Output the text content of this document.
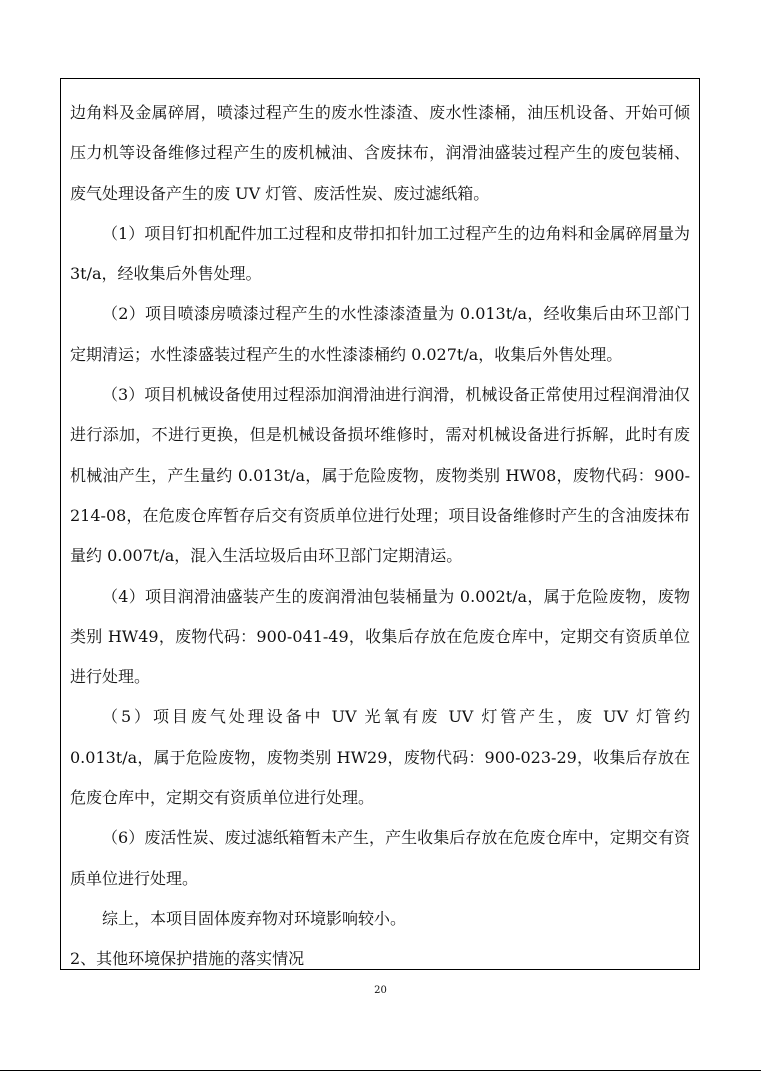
边角料及金属碎屑，喷漆过程产生的废水性漆渣、废水性漆桶，油压机设备、开始可倾压力机等设备维修过程产生的废机械油、含废抹布，润滑油盛装过程产生的废包装桶、废气处理设备产生的废 UV 灯管、废活性炭、废过滤纸箱。

（1）项目钉扣机配件加工过程和皮带扣扣针加工过程产生的边角料和金属碎屑量为 3t/a，经收集后外售处理。

（2）项目喷漆房喷漆过程产生的水性漆漆渣量为 0.013t/a，经收集后由环卫部门定期清运；水性漆盛装过程产生的水性漆漆桶约 0.027t/a，收集后外售处理。

（3）项目机械设备使用过程添加润滑油进行润滑，机械设备正常使用过程润滑油仅进行添加，不进行更换，但是机械设备损坏维修时，需对机械设备进行拆解，此时有废机械油产生，产生量约 0.013t/a，属于危险废物，废物类别 HW08，废物代码：900-214-08，在危废仓库暂存后交有资质单位进行处理；项目设备维修时产生的含油废抹布量约 0.007t/a，混入生活垃圾后由环卫部门定期清运。

（4）项目润滑油盛装产生的废润滑油包装桶量为 0.002t/a，属于危险废物，废物类别 HW49，废物代码：900-041-49，收集后存放在危废仓库中，定期交有资质单位进行处理。

（5）项目废气处理设备中 UV 光氧有废 UV 灯管产生，废 UV 灯管约 0.013t/a，属于危险废物，废物类别 HW29，废物代码：900-023-29，收集后存放在危废仓库中，定期交有资质单位进行处理。

（6）废活性炭、废过滤纸箱暂未产生，产生收集后存放在危废仓库中，定期交有资质单位进行处理。

综上，本项目固体废弃物对环境影响较小。

2、其他环境保护措施的落实情况

20
